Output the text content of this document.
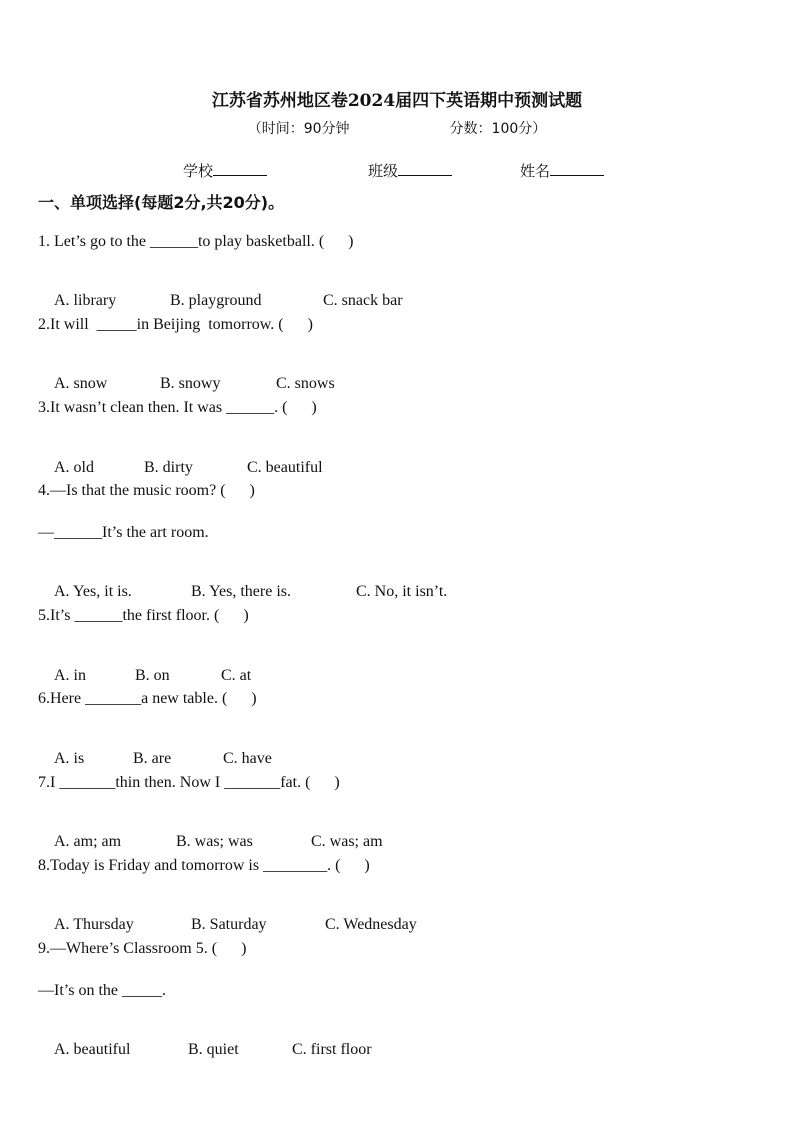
江苏省苏州地区卷2024届四下英语期中预测试题
（时间：90分钟	分数：100分）
学校	班级	姓名
一、单项选择(每题2分,共20分)。
1. Let’s go to the ______to play basketball. (      )

A. library	B. playground	C. snack bar

2.It will  _____in Beijing  tomorrow. (      )

A. snow	B. snowy	C. snows

3.It wasn’t clean then. It was ______. (      )

A. old	B. dirty	C. beautiful

4.—Is that the music room? (      )
—______It’s the art room.

A. Yes, it is.	B. Yes, there is.	C. No, it isn’t.

5.It’s ______the first floor. (      )

A. in	B. on	C. at

6.Here _______a new table. (      )

A. is	B. are	C. have

7.I _______thin then. Now I _______fat. (      )

A. am; am	B. was; was	C. was; am

8.Today is Friday and tomorrow is ________. (      )

A. Thursday	B. Saturday	C. Wednesday

9.—Where’s Classroom 5. (      )
—It’s on the _____.

A. beautiful	B. quiet	C. first floor
